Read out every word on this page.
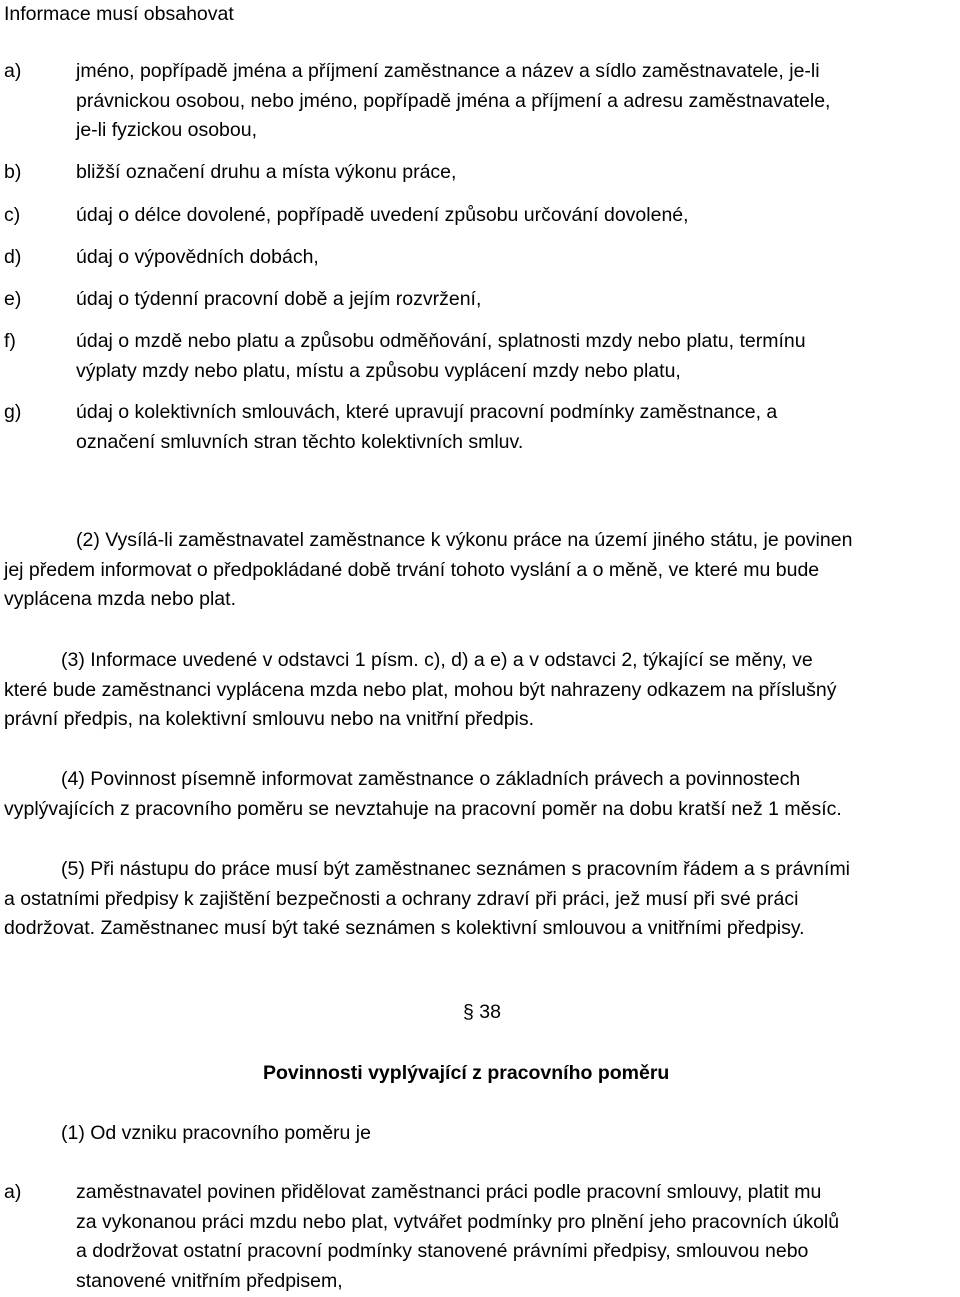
Informace musí obsahovat
a)	jméno, popřípadě jména a příjmení zaměstnance a název a sídlo zaměstnavatele, je-li
právnickou osobou, nebo jméno, popřípadě jména a příjmení a adresu zaměstnavatele,
je-li fyzickou osobou,
b)	bližší označení druhu a místa výkonu práce,
c)	údaj o délce dovolené, popřípadě uvedení způsobu určování dovolené,
d)	údaj o výpovědních dobách,
e)	údaj o týdenní pracovní době a jejím rozvržení,
f)	údaj o mzdě nebo platu a způsobu odměňování, splatnosti mzdy nebo platu, termínu
výplaty mzdy nebo platu, místu a způsobu vyplácení mzdy nebo platu,
g)	údaj o kolektivních smlouvách, které upravují pracovní podmínky zaměstnance, a
označení smluvních stran těchto kolektivních smluv.
(2) Vysílá-li zaměstnavatel zaměstnance k výkonu práce na území jiného státu, je povinen
jej předem informovat o předpokládané době trvání tohoto vyslání a o měně, ve které mu bude
vyplácena mzda nebo plat.
(3) Informace uvedené v odstavci 1 písm. c), d) a e) a v odstavci 2, týkající se měny, ve
které bude zaměstnanci vyplácena mzda nebo plat, mohou být nahrazeny odkazem na příslušný
právní předpis, na kolektivní smlouvu nebo na vnitřní předpis.
(4) Povinnost písemně informovat zaměstnance o základních právech a povinnostech
vyplývajících z pracovního poměru se nevztahuje na pracovní poměr na dobu kratší než 1 měsíc.
(5) Při nástupu do práce musí být zaměstnanec seznámen s pracovním řádem a s právními
a ostatními předpisy k zajištění bezpečnosti a ochrany zdraví při práci, jež musí při své práci
dodržovat. Zaměstnanec musí být také seznámen s kolektivní smlouvou a vnitřními předpisy.
§ 38
Povinnosti vyplývající z pracovního poměru
(1) Od vzniku pracovního poměru je
a)	zaměstnavatel povinen přidělovat zaměstnanci práci podle pracovní smlouvy, platit mu
za vykonanou práci mzdu nebo plat, vytvářet podmínky pro plnění jeho pracovních úkolů
a dodržovat ostatní pracovní podmínky stanovené právními předpisy, smlouvou nebo
stanovené vnitřním předpisem,
